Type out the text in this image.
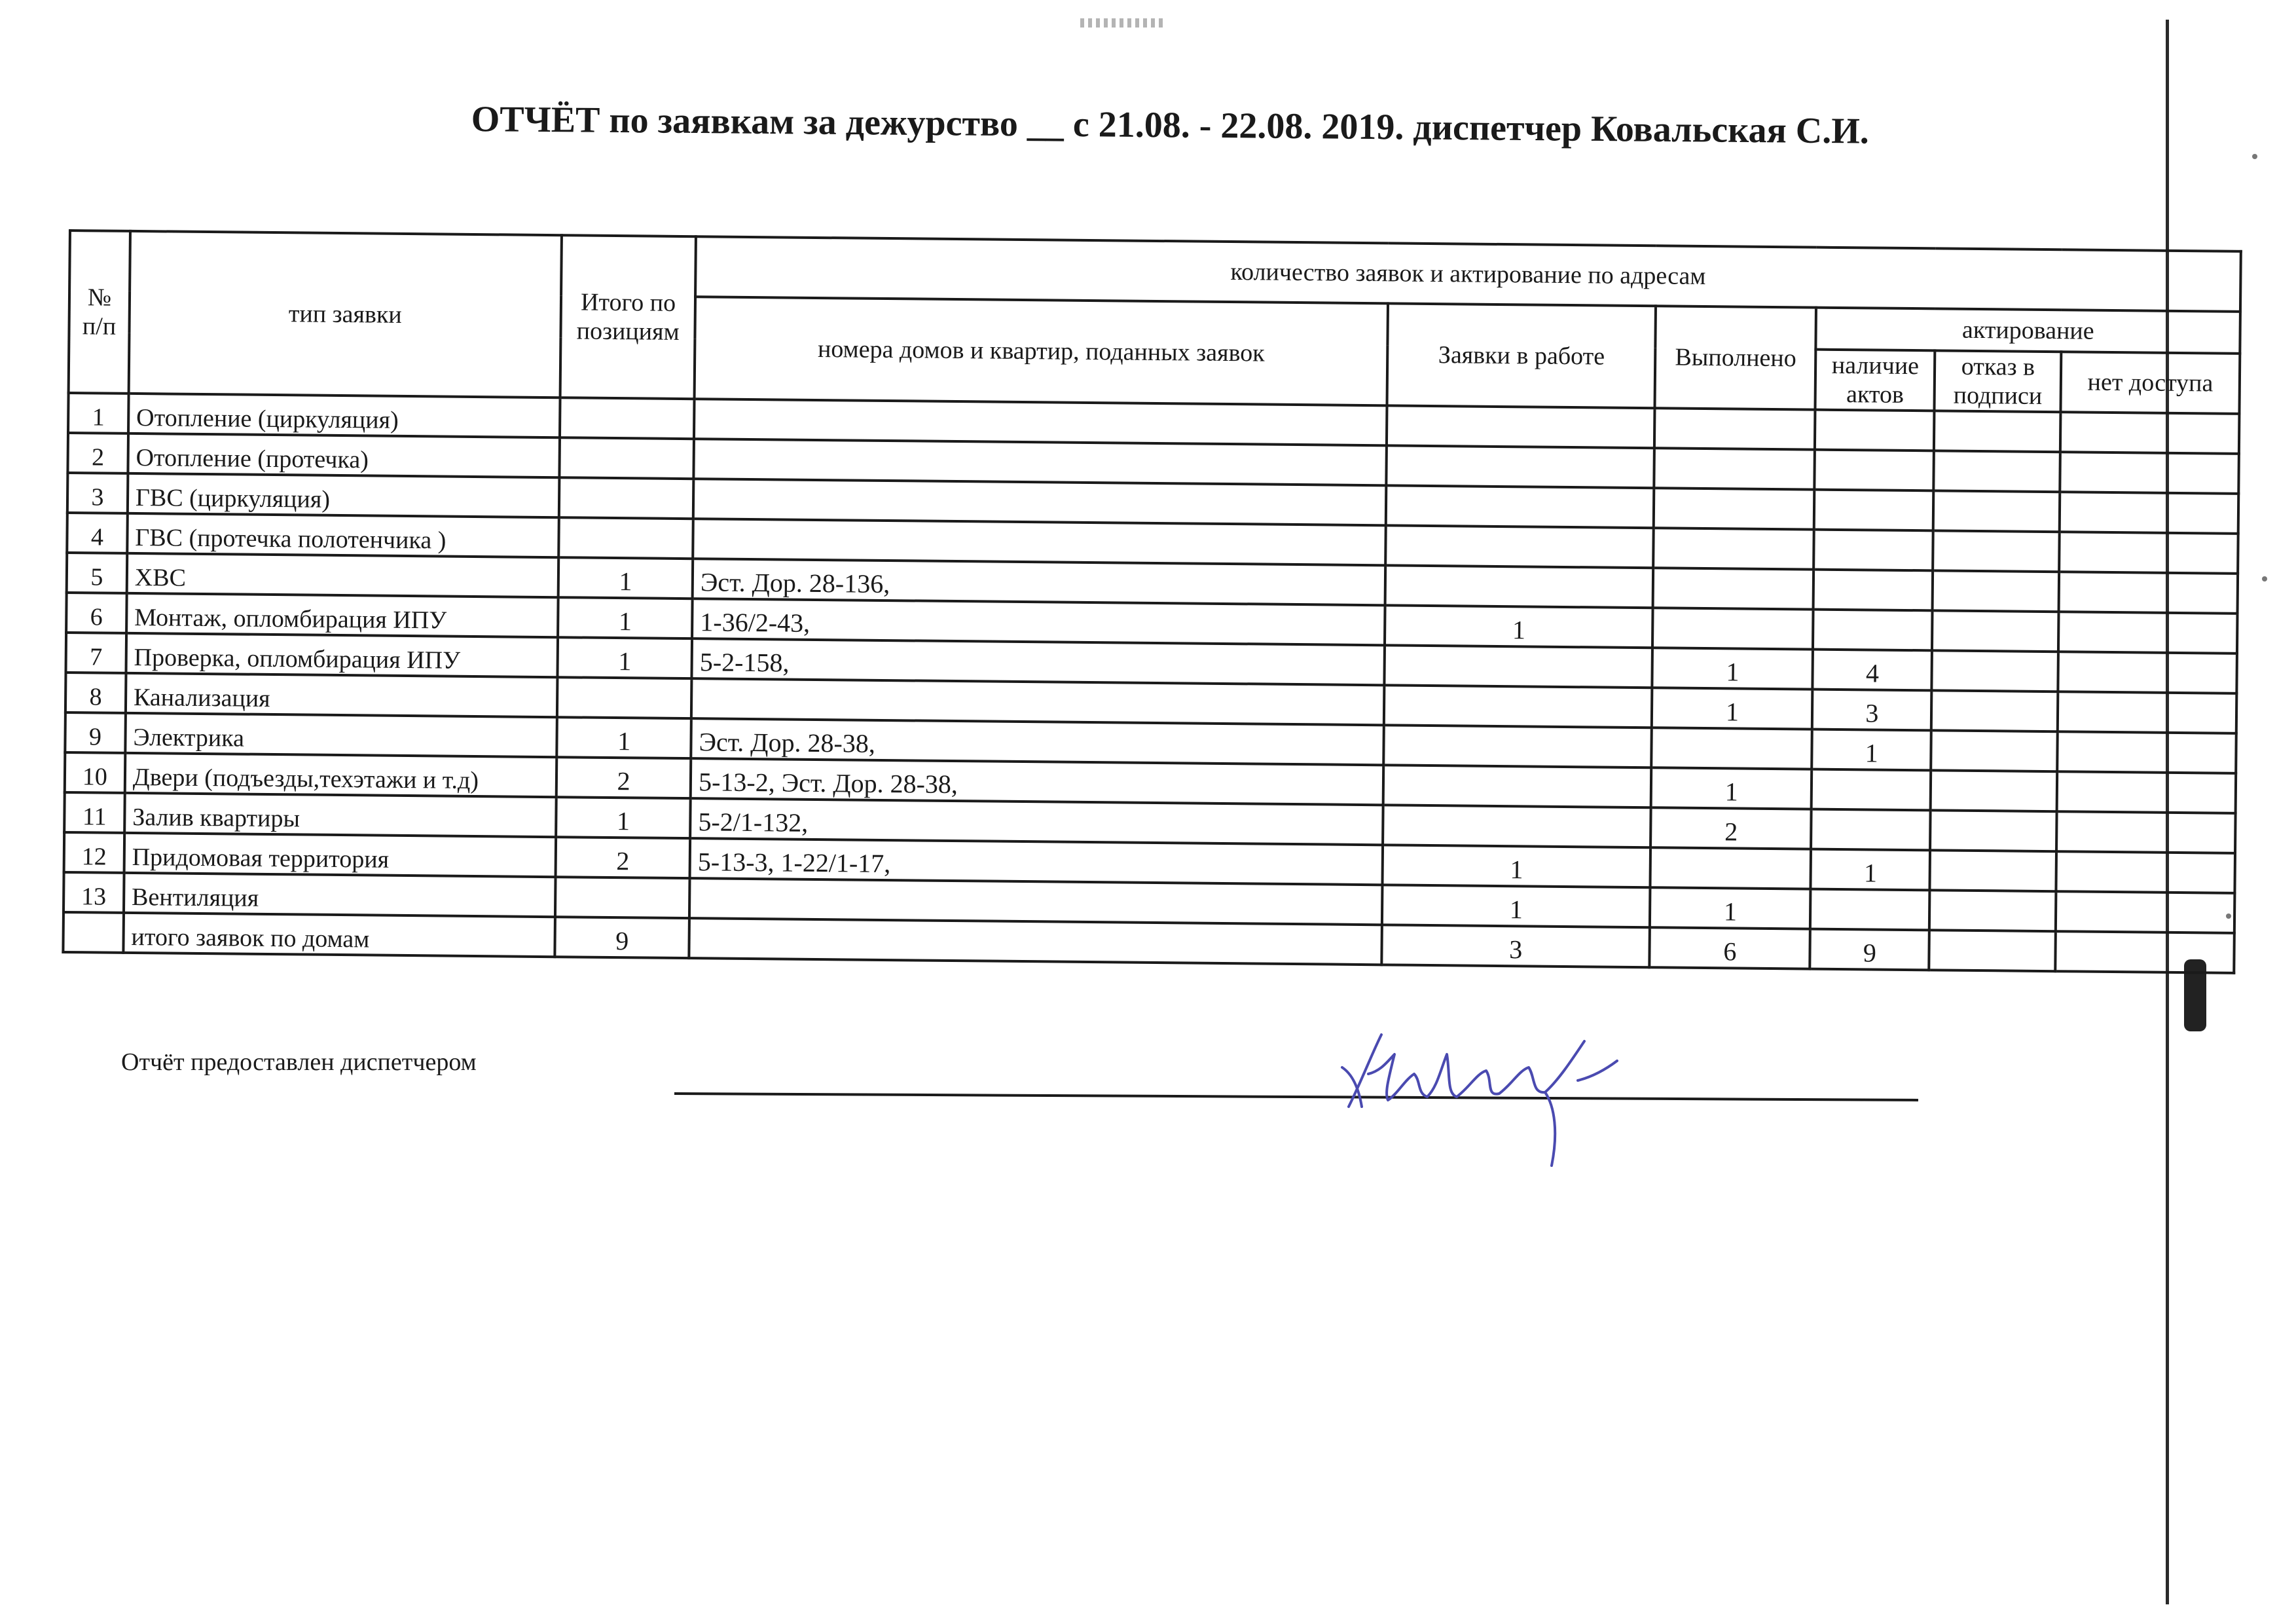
ОТЧЁТ по заявкам за дежурство __ с 21.08. - 22.08. 2019. диспетчер Ковальская С.И.
№ п/п	тип заявки	Итого по позициям	количество заявок и актирование по адресам					
			номера домов и квартир, поданных заявок	Заявки в работе	Выполнено	актирование		
						наличие актов	отказ в подписи	нет доступа
1	Отопление (циркуляция)							
2	Отопление (протечка)							
3	ГВС (циркуляция)							
4	ГВС (протечка полотенчика )							
5	ХВС	1	Эст. Дор. 28-136,					
6	Монтаж, опломбирация ИПУ	1	1-36/2-43,	1				
7	Проверка, опломбирация ИПУ	1	5-2-158,		1	4		
8	Канализация				1	3		
9	Электрика	1	Эст. Дор. 28-38,			1		
10	Двери (подъезды,техэтажи и т.д)	2	5-13-2, Эст. Дор. 28-38,		1			
11	Залив квартиры	1	5-2/1-132,		2			
12	Придомовая территория	2	5-13-3, 1-22/1-17,	1		1		
13	Вентиляция			1	1			
	итого заявок по домам	9		3	6	9		
Отчёт предоставлен диспетчером
